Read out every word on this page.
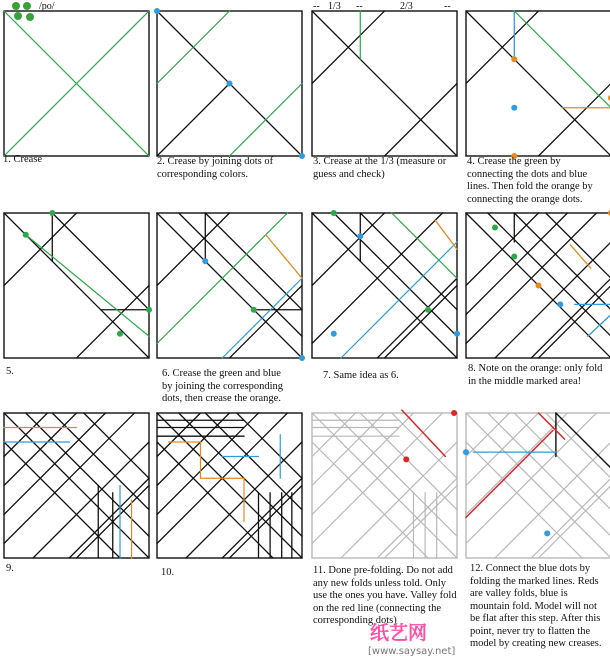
/po/	-- 1/3 --	2/3	--
1. Crease	2. Crease by joining dots of corresponding colors.
3. Crease at the 1/3 (measure or guess and check)
4. Crease the green by connecting the dots and blue lines. Then fold the orange by connecting the orange dots.
5.	6. Crease the green and blue by joining the corresponding dots, then crease the orange.
7. Same idea as 6.
8. Note on the orange: only fold in the middle marked area!
9.	10.	11. Done pre-folding. Do not add any new folds unless told. Only use the ones you have. Valley fold on the red line (connecting the corresponding dots)
12. Connect the blue dots by folding the marked lines. Reds are valley folds, blue is mountain fold. Model will not be flat after this step. After this point, never try to flatten the model by creating new creases.
纸艺网
[www.saysay.net]
